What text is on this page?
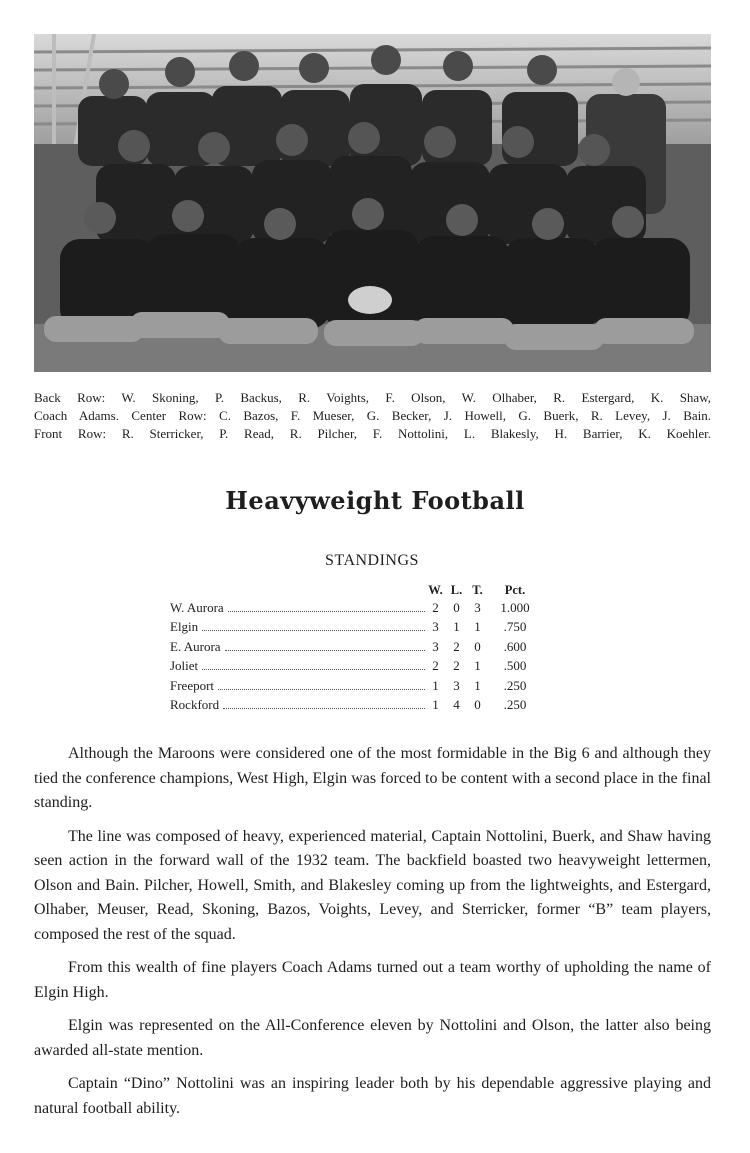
Back Row: W. Skoning, P. Backus, R. Voights, F. Olson, W. Olhaber, R. Estergard, K. Shaw,
Coach Adams. Center Row: C. Bazos, F. Mueser, G. Becker, J. Howell, G. Buerk, R. Levey, J. Bain.
Front Row: R. Sterricker, P. Read, R. Pilcher, F. Nottolini, L. Blakesly, H. Barrier, K. Koehler.
Heavyweight Football
STANDINGS
	W.	L.	T.	Pct.

W. Aurora	2	0	3	1.000

Elgin	3	1	1	.750

E. Aurora	3	2	0	.600

Joliet	2	2	1	.500

Freeport	1	3	1	.250

Rockford	1	4	0	.250

Although the Maroons were considered one of the most formidable in the Big 6 and although they tied the conference champions, West High, Elgin was forced to be content with a second place in the final standing.

The line was composed of heavy, experienced material, Captain Nottolini, Buerk, and Shaw having seen action in the forward wall of the 1932 team. The backfield boasted two heavyweight lettermen, Olson and Bain. Pilcher, Howell, Smith, and Blakesley coming up from the lightweights, and Estergard, Olhaber, Meuser, Read, Skoning, Bazos, Voights, Levey, and Sterricker, former “B” team players, composed the rest of the squad.

From this wealth of fine players Coach Adams turned out a team worthy of upholding the name of Elgin High.

Elgin was represented on the All-Conference eleven by Nottolini and Olson, the latter also being awarded all-state mention.

Captain “Dino” Nottolini was an inspiring leader both by his dependable aggressive playing and natural football ability.
